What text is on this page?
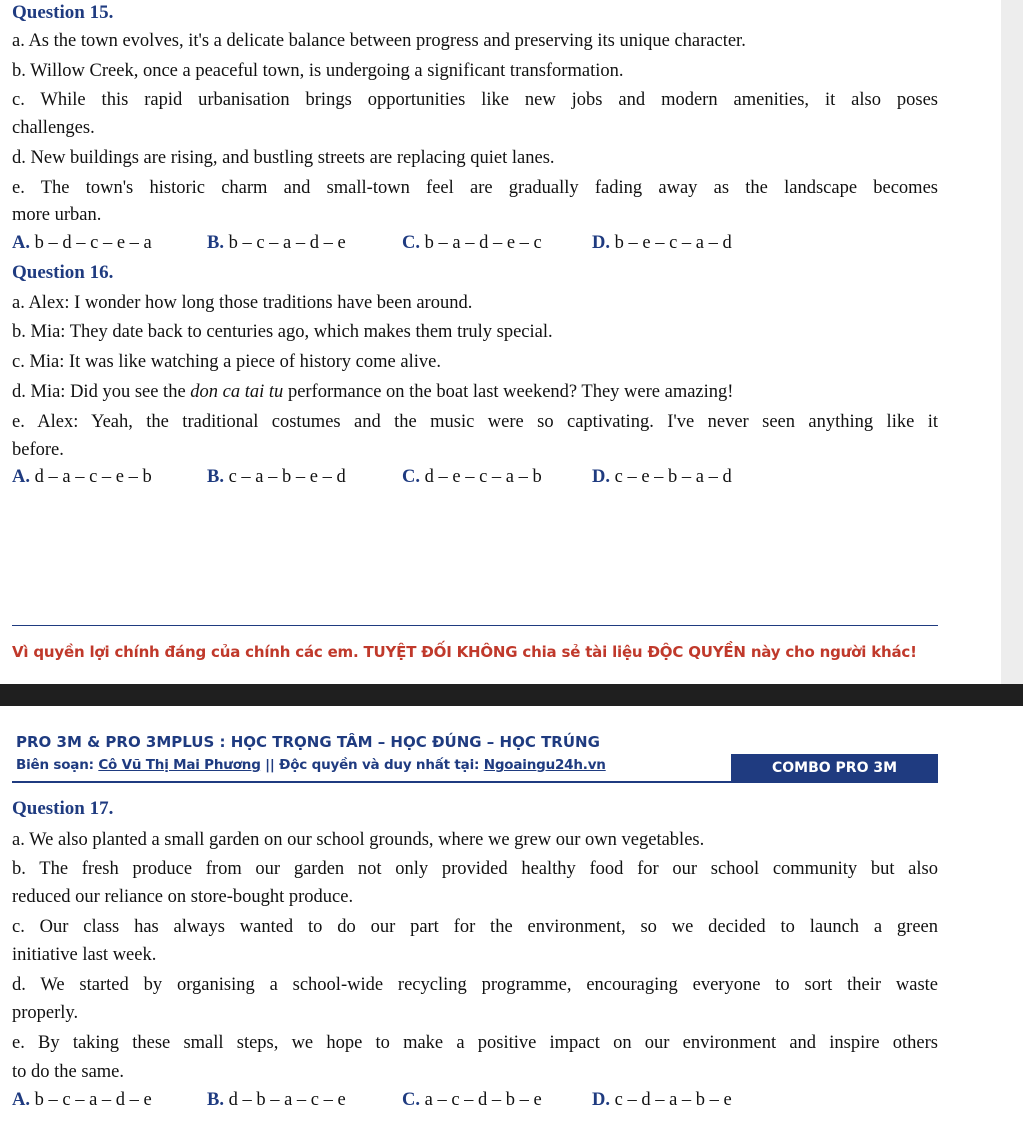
Question 15.
a. As the town evolves, it's a delicate balance between progress and preserving its unique character.
b. Willow Creek, once a peaceful town, is undergoing a significant transformation.
c. While this rapid urbanisation brings opportunities like new jobs and modern amenities, it also poses
challenges.
d. New buildings are rising, and bustling streets are replacing quiet lanes.
e. The town's historic charm and small-town feel are gradually fading away as the landscape becomes
more urban.
A. b – d – c – e – a	B. b – c – a – d – e	C. b – a – d – e – c	D. b – e – c – a – d
Question 16.
a. Alex: I wonder how long those traditions have been around.
b. Mia: They date back to centuries ago, which makes them truly special.
c. Mia: It was like watching a piece of history come alive.
d. Mia: Did you see the don ca tai tu performance on the boat last weekend? They were amazing!
e. Alex: Yeah, the traditional costumes and the music were so captivating. I've never seen anything like it
before.
A. d – a – c – e – b	B. c – a – b – e – d	C. d – e – c – a – b	D. c – e – b – a – d
Vì quyền lợi chính đáng của chính các em. TUYỆT ĐỐI KHÔNG chia sẻ tài liệu ĐỘC QUYỀN này cho người khác!
PRO 3M & PRO 3MPLUS : HỌC TRỌNG TÂM – HỌC ĐÚNG – HỌC TRÚNG
Biên soạn: Cô Vũ Thị Mai Phương || Độc quyền và duy nhất tại: Ngoaingu24h.vn	COMBO PRO 3M
Question 17.
a. We also planted a small garden on our school grounds, where we grew our own vegetables.
b. The fresh produce from our garden not only provided healthy food for our school community but also
reduced our reliance on store-bought produce.
c. Our class has always wanted to do our part for the environment, so we decided to launch a green
initiative last week.
d. We started by organising a school-wide recycling programme, encouraging everyone to sort their waste
properly.
e. By taking these small steps, we hope to make a positive impact on our environment and inspire others
to do the same.
A. b – c – a – d – e	B. d – b – a – c – e	C. a – c – d – b – e	D. c – d – a – b – e
